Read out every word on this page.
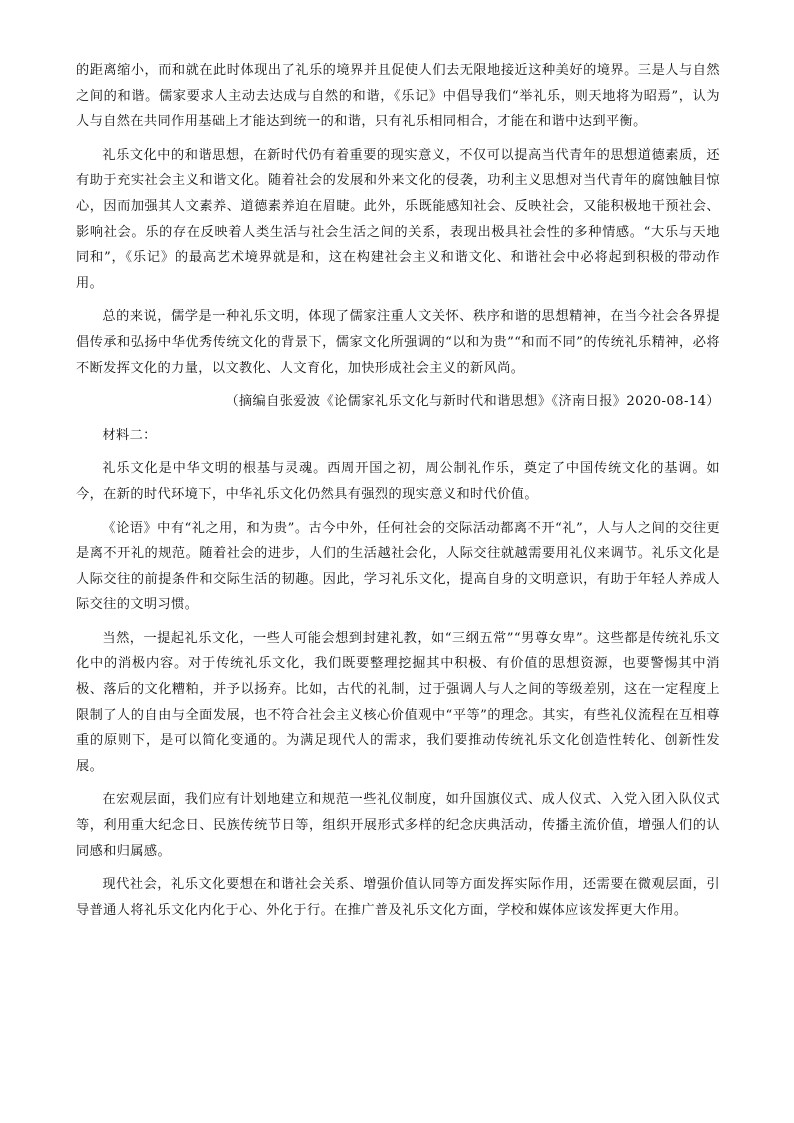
的距离缩小，而和就在此时体现出了礼乐的境界并且促使人们去无限地接近这种美好的境界。三是人与自然之间的和谐。儒家要求人主动去达成与自然的和谐，《乐记》中倡导我们“举礼乐，则天地将为昭焉”，认为人与自然在共同作用基础上才能达到统一的和谐，只有礼乐相同相合，才能在和谐中达到平衡。

礼乐文化中的和谐思想，在新时代仍有着重要的现实意义，不仅可以提高当代青年的思想道德素质，还有助于充实社会主义和谐文化。随着社会的发展和外来文化的侵袭，功利主义思想对当代青年的腐蚀触目惊心，因而加强其人文素养、道德素养迫在眉睫。此外，乐既能感知社会、反映社会，又能积极地干预社会、影响社会。乐的存在反映着人类生活与社会生活之间的关系，表现出极具社会性的多种情感。“大乐与天地同和”，《乐记》的最高艺术境界就是和，这在构建社会主义和谐文化、和谐社会中必将起到积极的带动作用。

总的来说，儒学是一种礼乐文明，体现了儒家注重人文关怀、秩序和谐的思想精神，在当今社会各界提倡传承和弘扬中华优秀传统文化的背景下，儒家文化所强调的“以和为贵”“和而不同”的传统礼乐精神，必将不断发挥文化的力量，以文教化、人文育化，加快形成社会主义的新风尚。

（摘编自张爱波《论儒家礼乐文化与新时代和谐思想》《济南日报》2020-08-14）

材料二：

礼乐文化是中华文明的根基与灵魂。西周开国之初，周公制礼作乐，奠定了中国传统文化的基调。如今，在新的时代环境下，中华礼乐文化仍然具有强烈的现实意义和时代价值。

《论语》中有“礼之用，和为贵”。古今中外，任何社会的交际活动都离不开“礼”，人与人之间的交往更是离不开礼的规范。随着社会的进步，人们的生活越社会化，人际交往就越需要用礼仪来调节。礼乐文化是人际交往的前提条件和交际生活的韧趣。因此，学习礼乐文化，提高自身的文明意识，有助于年轻人养成人际交往的文明习惯。

当然，一提起礼乐文化，一些人可能会想到封建礼教，如“三纲五常”“男尊女卑”。这些都是传统礼乐文化中的消极内容。对于传统礼乐文化，我们既要整理挖掘其中积极、有价值的思想资源，也要警惕其中消极、落后的文化糟粕，并予以扬弃。比如，古代的礼制，过于强调人与人之间的等级差别，这在一定程度上限制了人的自由与全面发展，也不符合社会主义核心价值观中“平等”的理念。其实，有些礼仪流程在互相尊重的原则下，是可以简化变通的。为满足现代人的需求，我们要推动传统礼乐文化创造性转化、创新性发展。

在宏观层面，我们应有计划地建立和规范一些礼仪制度，如升国旗仪式、成人仪式、入党入团入队仪式等，利用重大纪念日、民族传统节日等，组织开展形式多样的纪念庆典活动，传播主流价值，增强人们的认同感和归属感。

现代社会，礼乐文化要想在和谐社会关系、增强价值认同等方面发挥实际作用，还需要在微观层面，引导普通人将礼乐文化内化于心、外化于行。在推广普及礼乐文化方面，学校和媒体应该发挥更大作用。
